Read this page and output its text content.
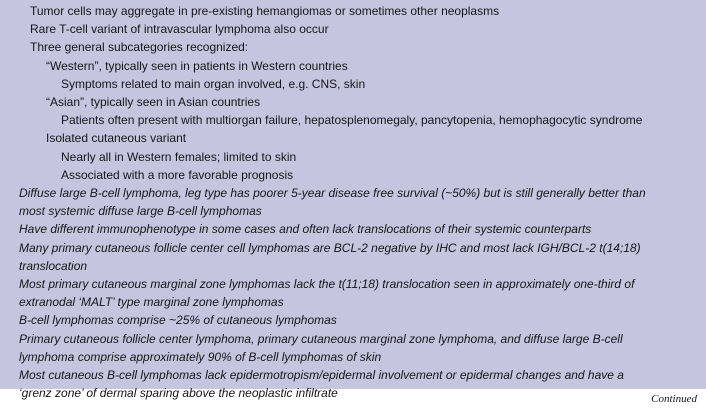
Tumor cells may aggregate in pre-existing hemangiomas or sometimes other neoplasms
Rare T-cell variant of intravascular lymphoma also occur
Three general subcategories recognized:
“Western”, typically seen in patients in Western countries
Symptoms related to main organ involved, e.g. CNS, skin
“Asian”, typically seen in Asian countries
Patients often present with multiorgan failure, hepatosplenomegaly, pancytopenia, hemophagocytic syndrome
Isolated cutaneous variant
Nearly all in Western females; limited to skin
Associated with a more favorable prognosis
Diffuse large B-cell lymphoma, leg type has poorer 5-year disease free survival (~50%) but is still generally better than
most systemic diffuse large B-cell lymphomas
Have different immunophenotype in some cases and often lack translocations of their systemic counterparts
Many primary cutaneous follicle center cell lymphomas are BCL-2 negative by IHC and most lack IGH/BCL-2 t(14;18)
translocation
Most primary cutaneous marginal zone lymphomas lack the t(11;18) translocation seen in approximately one-third of
extranodal ‘MALT’ type marginal zone lymphomas
B-cell lymphomas comprise ~25% of cutaneous lymphomas
Primary cutaneous follicle center lymphoma, primary cutaneous marginal zone lymphoma, and diffuse large B-cell
lymphoma comprise approximately 90% of B-cell lymphomas of skin
Most cutaneous B-cell lymphomas lack epidermotropism/epidermal involvement or epidermal changes and have a
‘grenz zone’ of dermal sparing above the neoplastic infiltrate	Continued
